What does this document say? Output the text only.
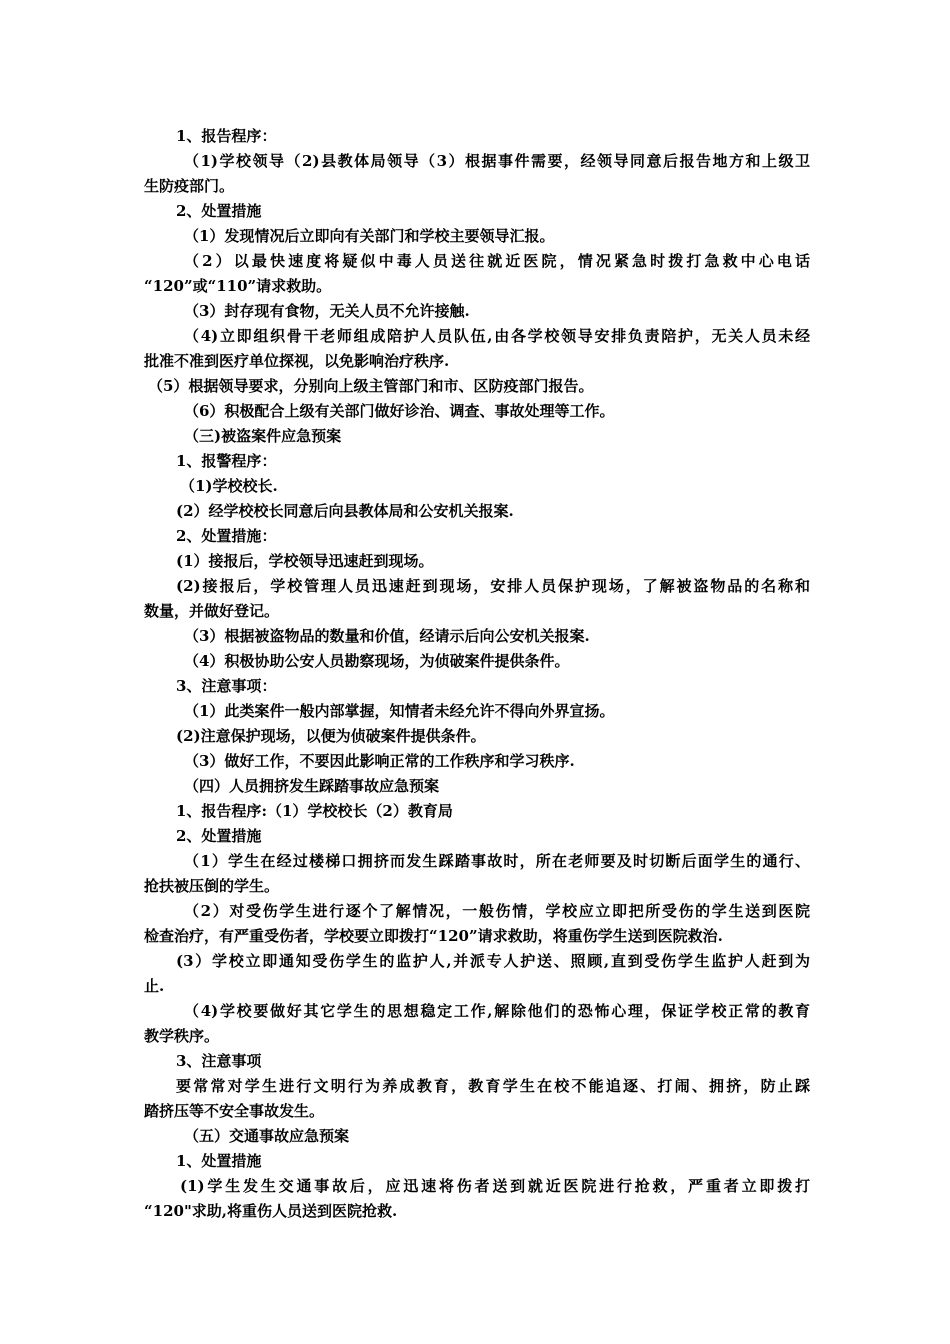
1、报告程序：
（1)学校领导（2)县教体局领导（3）根据事件需要，经领导同意后报告地方和上级卫
生防疫部门。
2、处置措施
（1）发现情况后立即向有关部门和学校主要领导汇报。
（2）以最快速度将疑似中毒人员送往就近医院，情况紧急时拨打急救中心电话
“120”或“110”请求救助。
（3）封存现有食物，无关人员不允许接触.
（4)立即组织骨干老师组成陪护人员队伍,由各学校领导安排负责陪护，无关人员未经
批准不准到医疗单位探视，以免影响治疗秩序.
（5）根据领导要求，分别向上级主管部门和市、区防疫部门报告。
（6）积极配合上级有关部门做好诊治、调查、事故处理等工作。
（三)被盗案件应急预案
1、报警程序：
（1)学校校长.
(2）经学校校长同意后向县教体局和公安机关报案.
2、处置措施：
(1）接报后，学校领导迅速赶到现场。
(2)接报后，学校管理人员迅速赶到现场，安排人员保护现场，了解被盗物品的名称和
数量，并做好登记。
（3）根据被盗物品的数量和价值，经请示后向公安机关报案.
（4）积极协助公安人员勘察现场，为侦破案件提供条件。
3、注意事项：
（1）此类案件一般内部掌握，知情者未经允许不得向外界宣扬。
(2)注意保护现场，以便为侦破案件提供条件。
（3）做好工作，不要因此影响正常的工作秩序和学习秩序.
（四）人员拥挤发生踩踏事故应急预案
1、报告程序:（1）学校校长（2）教育局
2、处置措施
（1）学生在经过楼梯口拥挤而发生踩踏事故时，所在老师要及时切断后面学生的通行、
抢扶被压倒的学生。
（2）对受伤学生进行逐个了解情况，一般伤情，学校应立即把所受伤的学生送到医院
检查治疗，有严重受伤者，学校要立即拨打“120”请求救助，将重伤学生送到医院救治.
(3）学校立即通知受伤学生的监护人,并派专人护送、照顾,直到受伤学生监护人赶到为
止.
（4)学校要做好其它学生的思想稳定工作,解除他们的恐怖心理，保证学校正常的教育
教学秩序。
3、注意事项
要常常对学生进行文明行为养成教育，教育学生在校不能追逐、打闹、拥挤，防止踩
踏挤压等不安全事故发生。
（五）交通事故应急预案
1、处置措施
(1)学生发生交通事故后，应迅速将伤者送到就近医院进行抢救，严重者立即拨打
“120"求助,将重伤人员送到医院抢救.
